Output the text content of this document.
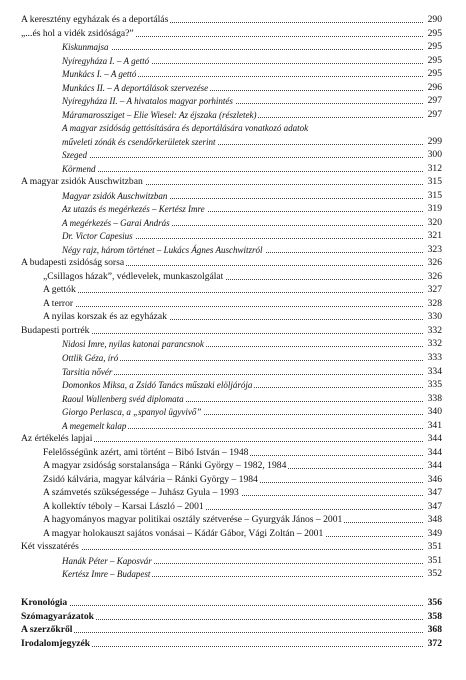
A keresztény egyházak és a deportálás	290
„...és hol a vidék zsidósága?”	295
Kiskunmajsa	295
Nyíregyháza I. – A gettó	295
Munkács I. – A gettó	295
Munkács II. – A deportálások szervezése	296
Nyíregyháza II. – A hivatalos magyar porhintés	297
Máramarossziget – Elie Wiesel: Az éjszaka (részletek)	297
A magyar zsidóság gettósítására és deportálására vonatkozó adatok
műveleti zónák és csendőrkerületek szerint	299
Szeged	300
Körmend	312
A magyar zsidók Auschwitzban	315
Magyar zsidók Auschwitzban	315
Az utazás és megérkezés – Kertész Imre	319
A megérkezés – Garai András	320
Dr. Victor Capesius	321
Négy rajz, három történet – Lukács Ágnes Auschwitzról	323
A budapesti zsidóság sorsa	326
„Csillagos házak”, védlevelek, munkaszolgálat	326
A gettók	327
A terror	328
A nyilas korszak és az egyházak	330
Budapesti portrék	332
Nidosi Imre, nyilas katonai parancsnok	332
Ottlik Géza, író	333
Tarsitia nővér	334
Domonkos Miksa, a Zsidó Tanács műszaki elöljárója	335
Raoul Wallenberg svéd diplomata	338
Giorgo Perlasca, a „spanyol ügyvivő”	340
A megemelt kalap	341
Az értékelés lapjai	344
Felelősségünk azért, ami történt – Bibó István – 1948	344
A magyar zsidóság sorstalansága – Ránki György – 1982, 1984	344
Zsidó kálvária, magyar kálvária – Ránki György – 1984	346
A számvetés szükségessége – Juhász Gyula – 1993	347
A kollektív téboly – Karsai László – 2001	347
A hagyományos magyar politikai osztály szétverése – Gyurgyák János – 2001	348
A magyar holokauszt sajátos vonásai – Kádár Gábor, Vági Zoltán – 2001	349
Két visszatérés	351
Hanák Péter – Kaposvár	351
Kertész Imre – Budapest	352
Kronológia	356
Szómagyarázatok	358
A szerzőkről	368
Irodalomjegyzék	372
